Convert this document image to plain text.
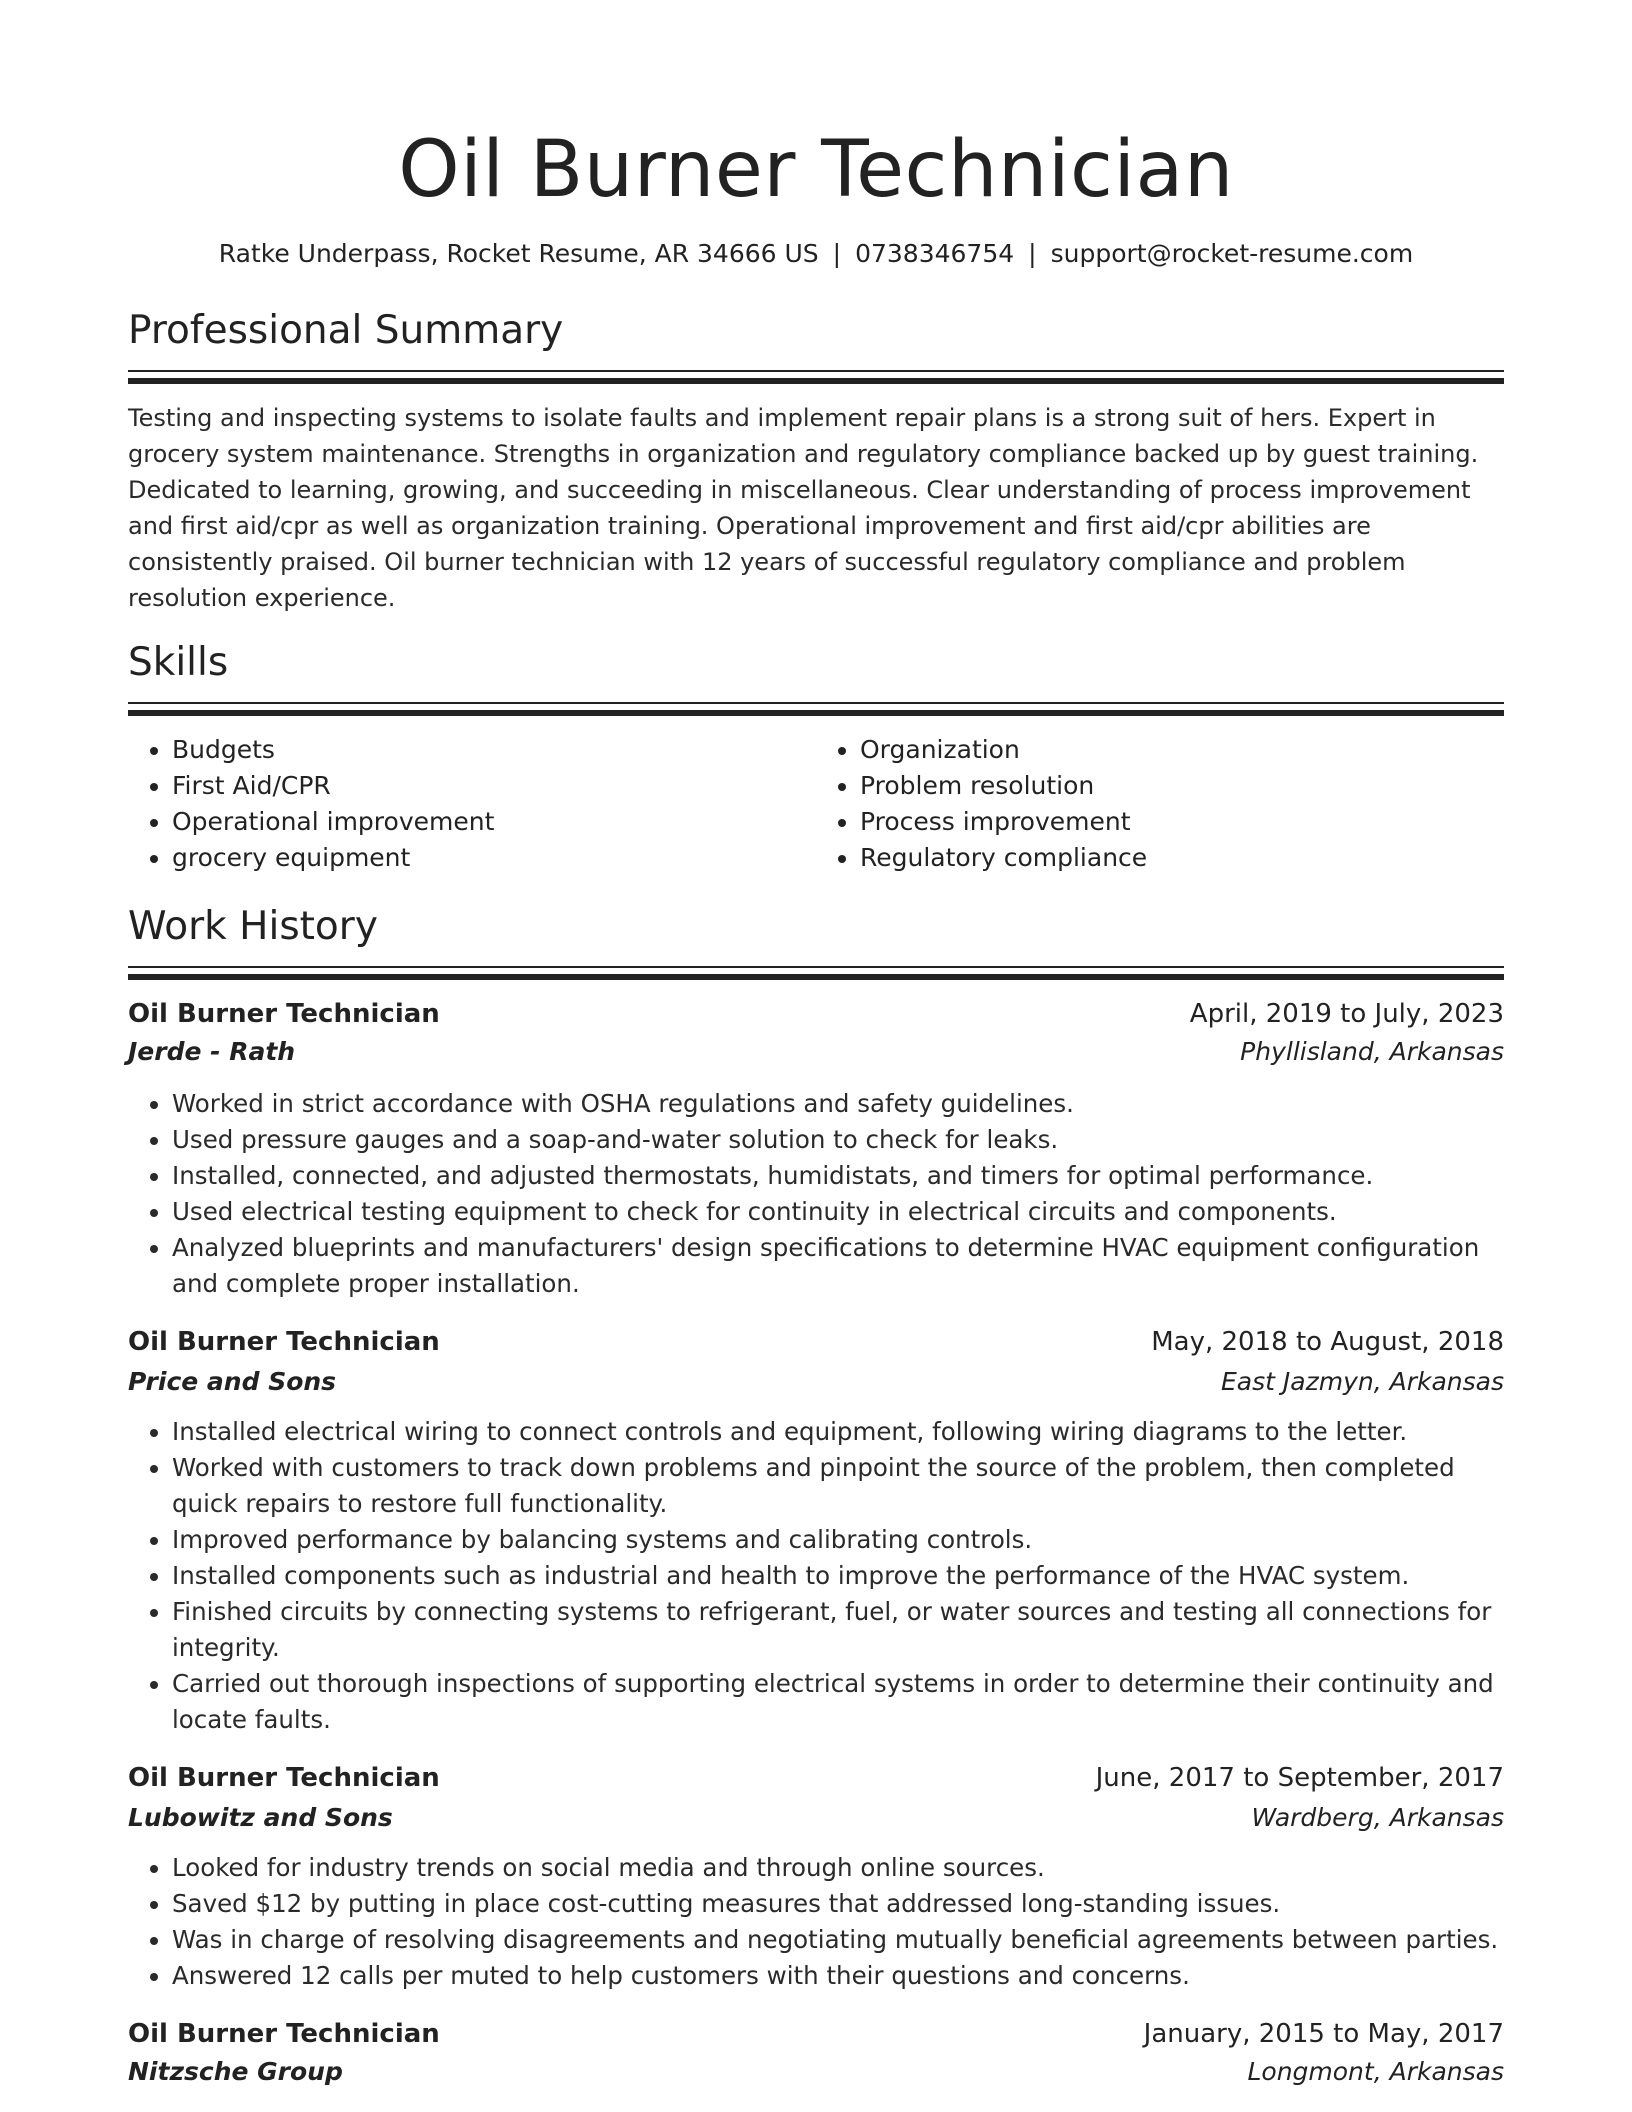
Oil Burner Technician
Ratke Underpass, Rocket Resume, AR 34666 US | 0738346754 | support@rocket-resume.com
Professional Summary

Testing and inspecting systems to isolate faults and implement repair plans is a strong suit of hers. Expert in grocery system maintenance. Strengths in organization and regulatory compliance backed up by guest training. Dedicated to learning, growing, and succeeding in miscellaneous. Clear understanding of process improvement and first aid/cpr as well as organization training. Operational improvement and first aid/cpr abilities are consistently praised. Oil burner technician with 12 years of successful regulatory compliance and problem resolution experience.

Skills
• Budgets
• First Aid/CPR
• Operational improvement
• grocery equipment
• Organization
• Problem resolution
• Process improvement
• Regulatory compliance
Work History
Oil Burner Technician	April, 2019 to July, 2023
Jerde - Rath	Phyllisland, Arkansas
• Worked in strict accordance with OSHA regulations and safety guidelines.
• Used pressure gauges and a soap-and-water solution to check for leaks.
• Installed, connected, and adjusted thermostats, humidistats, and timers for optimal performance.
• Used electrical testing equipment to check for continuity in electrical circuits and components.
• Analyzed blueprints and manufacturers' design specifications to determine HVAC equipment configuration and complete proper installation.
Oil Burner Technician	May, 2018 to August, 2018
Price and Sons	East Jazmyn, Arkansas
• Installed electrical wiring to connect controls and equipment, following wiring diagrams to the letter.
• Worked with customers to track down problems and pinpoint the source of the problem, then completed quick repairs to restore full functionality.
• Improved performance by balancing systems and calibrating controls.
• Installed components such as industrial and health to improve the performance of the HVAC system.
• Finished circuits by connecting systems to refrigerant, fuel, or water sources and testing all connections for integrity.
• Carried out thorough inspections of supporting electrical systems in order to determine their continuity and locate faults.
Oil Burner Technician	June, 2017 to September, 2017
Lubowitz and Sons	Wardberg, Arkansas
• Looked for industry trends on social media and through online sources.
• Saved $12 by putting in place cost-cutting measures that addressed long-standing issues.
• Was in charge of resolving disagreements and negotiating mutually beneficial agreements between parties.
• Answered 12 calls per muted to help customers with their questions and concerns.
Oil Burner Technician	January, 2015 to May, 2017
Nitzsche Group	Longmont, Arkansas
